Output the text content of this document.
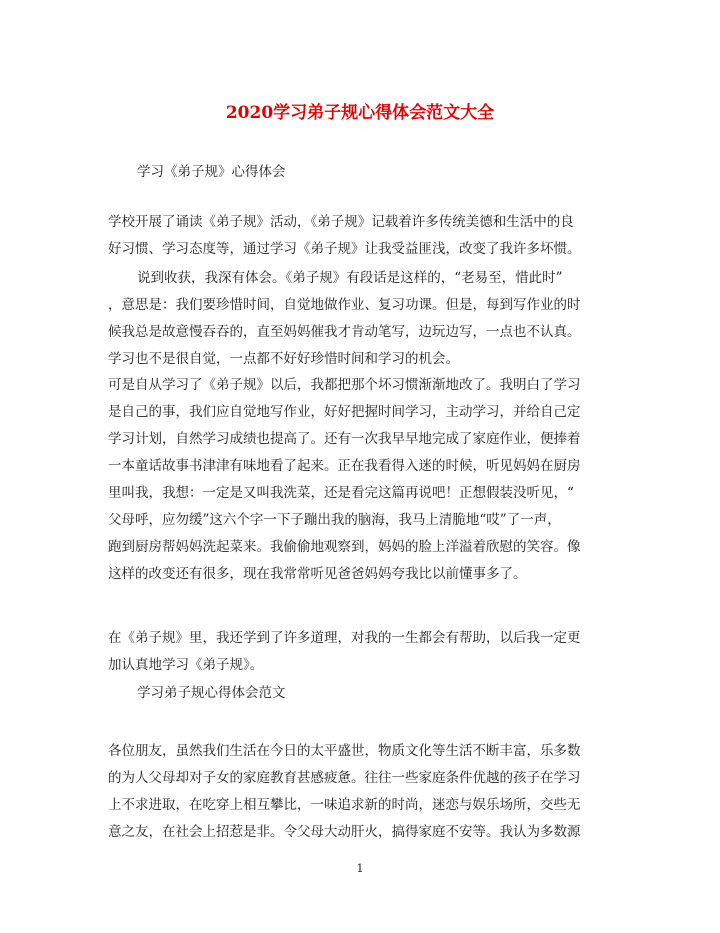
2020学习弟子规心得体会范文大全
学习《弟子规》心得体会
学校开展了诵读《弟子规》活动，《弟子规》记载着许多传统美德和生活中的良
好习惯、学习态度等，通过学习《弟子规》让我受益匪浅，改变了我许多坏惯。
说到收获，我深有体会。《弟子规》有段话是这样的，“老易至，惜此时”
，意思是：我们要珍惜时间，自觉地做作业、复习功课。但是，每到写作业的时
候我总是故意慢吞吞的，直至妈妈催我才肯动笔写，边玩边写，一点也不认真。
学习也不是很自觉，一点都不好好珍惜时间和学习的机会。
可是自从学习了《弟子规》以后，我都把那个坏习惯渐渐地改了。我明白了学习
是自己的事，我们应自觉地写作业，好好把握时间学习，主动学习，并给自己定
学习计划，自然学习成绩也提高了。还有一次我早早地完成了家庭作业，便捧着
一本童话故事书津津有味地看了起来。正在我看得入迷的时候，听见妈妈在厨房
里叫我，我想：一定是又叫我洗菜，还是看完这篇再说吧！正想假装没听见，“
父母呼，应勿缓”这六个字一下子蹦出我的脑海，我马上清脆地“哎”了一声，
跑到厨房帮妈妈洗起菜来。我偷偷地观察到，妈妈的脸上洋溢着欣慰的笑容。像
这样的改变还有很多，现在我常常听见爸爸妈妈夸我比以前懂事多了。
在《弟子规》里，我还学到了许多道理，对我的一生都会有帮助，以后我一定更
加认真地学习《弟子规》。
学习弟子规心得体会范文
各位朋友，虽然我们生活在今日的太平盛世，物质文化等生活不断丰富，乐多数
的为人父母却对子女的家庭教育甚感疲惫。往往一些家庭条件优越的孩子在学习
上不求进取，在吃穿上相互攀比，一味追求新的时尚，迷恋与娱乐场所，交些无
意之友，在社会上招惹是非。令父母大动肝火，搞得家庭不安等。我认为多数源
1
